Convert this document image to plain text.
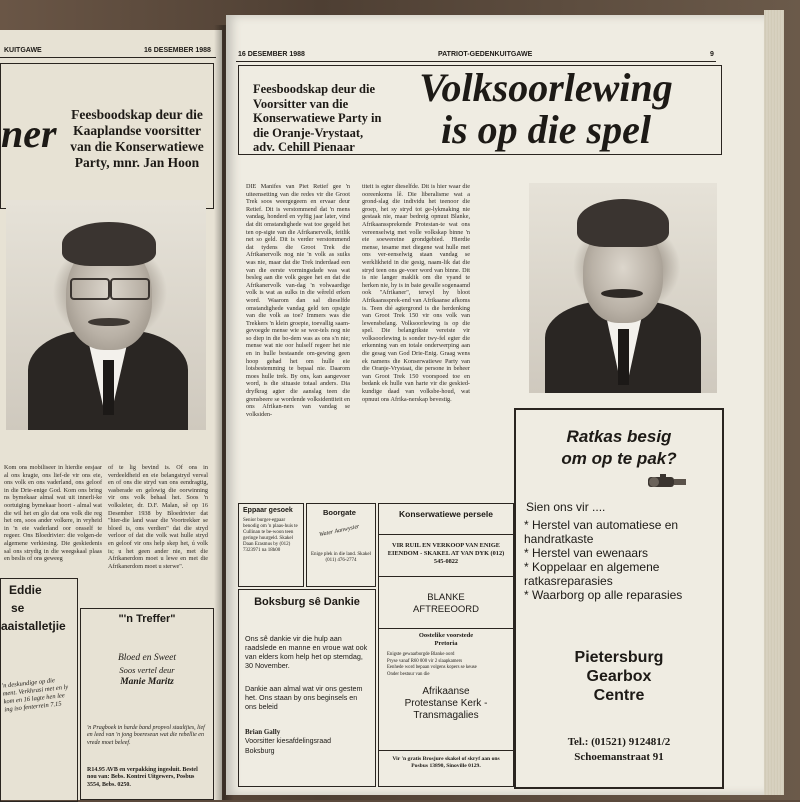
KUITGAWE	16 DESEMBER 1988
ner	Feesboodskap deur die Kaaplandse voorsitter van die Konserwatiewe Party, mnr. Jan Hoon
Kom ons mobiliseer in hierdie eesjaar al ons kragte, ons lief-de vir ons eie, ons volk en ons vaderland, ons geloof in die Drie-enige God. Kom ons bring ns bymekaar almal wat uit innerli-ke oortuiging bymekaar hoort - almal wat die wil het en glo dat ons volk die reg het om, soos ander volkere, in vryheid in 'n eie vaderland oor onsself te regeer. Ons Bloedrivier: die volgen-de algemene verkiesing. Die geskiedenis sal ons strydig in die weegskaal plaas en beslis of ons geweeg
of te lig bevind is. Of ons in verdeeldheid en eie belangstryd verval en of ons die stryd van ons eendragtig, vasberade en gelowig die oorwinning vir ons volk behaal het. Soos 'n volksleier, dr. D.F. Malan, sê op 16 Desember 1938 by Bloedrivier dat "hier-die land waar die Voortrekker se bloed is, ons verdien" dat die stryd verloor of dat die volk wat hulle stryd en geloof vir ons help skep het, ú volk is; u het geen ander nie, met die Afrikanerdom moet u lewe en met die Afrikanerdom moet u sterwe".
Eddie
se
aaistalletjie
'n deskundige op die ment. Verkhrasi met en ly kom en 16 lagte hen lee ing iso fenterrein 7.15
"'n Treffer"
Bloed en Sweet
Soos vertel deur
Manie Maritz
'n Pragboek in harde band propvol staaltjies, lief en leed van 'n jong boereseun wat die rebellie en vrede moet beleef.
R14.95 AVB en verpakking ingesluit. Bestel nou van: Bebs. Kontrei Uitgewers, Posbus 3554, Bebs. 0250.
16 DESEMBER 1988	PATRIOT-GEDENKUITGAWE	9
Feesboodskap deur die Voorsitter van die Konserwatiewe Party in die Oranje-Vrystaat, adv. Cehill Pienaar
Volksoorlewing
is op die spel
DIE Manifes van Piet Retief gee 'n uiteensetting van die redes vir die Groot Trek soos weergegeem en ervaar deur Retief. Dit is verstommend dat 'n mens vandag, honderd en vyftig jaar later, vind dat dit omstandighede wat toe gegeld het ten op-sigte van die Afrikanervolk, feitlik net so geld. Dit is verder verstommend dat tydens die Groot Trek die Afrikanervolk nog nie 'n volk as suiks was nie, maar dat die Trek inderdaad een van die eerste vormingsdade was wat besleg aan die volk gegee het en dat die Afrikanervolk van-dag 'n volwaardige volk is wat as sulks in die wêreld erken word. Waarom dan sal dieselfde omstandighede vandag geld ten opsigte van die volk as toe? Immers was die Trekkers 'n klein groepie, toevallig saam-gevoegde mense wie se wor-tels nog nie so diep in die bo-dem was as ons s'n nie; mense wat nie oor hulself regeer het nie en in hulle bestaande om-gewing geen hoop gehad het om hulle eie lotsbestemming te bepaal nie. Daarom moes hulle trek. By ons, kan aangevoer word, is die situasie totaal anders. Dia dryfkrag agter die aanslag teen die grensbeere se wordende volksidentiteit en ons Afrikan-ners van vandag se volksiden-
titeit is egter dieselfde. Dit is hier waar die ooreenkoms lê. Die liberalisme wat a grond-slag die individu het teenoor die groep, het sy stryd tot ge-lykmaking nie gestaak nie, maar bedreig opnuut Blanke, Afrikaanssprekende Protestan-te wat ons vereenselwig met volle volkskap binne 'n eie soewereine grondgebied. Hierdie mense, tesame met diegene wat hulle met ons ver-eenselwig staan vandag se werklikheid in die gesig, naam-lik dat die stryd teen ons ge-voer word van binne. Dit is nie langer maklik om die vyand te herken nie, hy is in baie gevalle sogenaamd ook "Afrikaner", terwyl hy bloot Afrikaanssprek-end van Afrikaanse afkoms is. Teen dié agtergrond is die herdenking van Groot Trek 150 vir ons volk van lewensbelang. Volksoorlewing is op die spel. Die belangrikste vereiste vir volksoorlewing is sonder twy-fel egter die erkenning van en totale onderwerping aan die gesag van God Drie-Enig. Graag wens ek namens die Konserwatiewe Party van die Oranje-Vrystaat, die persone in beheer van Groot Trek 150 voorspoed toe en bedank ek hulle van harte vir die geskied-kundige daad van volksbe-houd, wat opnuut ons Afrika-nerskap bevestig.
Eppaar gesoek
Senior burger-egpaar benodig om 'n plaas-huis te Cullinan te be-woon teen geringe huurgeld. Skakel Daan Erasmus by (012) 7323971 na 18h00
Boorgate
Water Aanwysier
Enige plek in die land. Skakel (011) 476-2774
Boksburg sê Dankie
Ons sê dankie vir die hulp aan raadslede en manne en vroue wat ook van elders kom help het op stemdag, 30 November.
Dankie aan almal wat vir ons gestem het. Ons staan by ons beginsels en ons beleid
Brian Gally
Voorsitter kiesafdelingsraad
Boksburg
Konserwatiewe persele
VIR RUIL EN VERKOOP VAN ENIGE EIENDOM - SKAKEL AT VAN DYK (012) 545-0822
BLANKE
AFTREEOORD
Oostelike voorstede
Pretoria
Enigste gewaarborgde Blanke oord
Pryse vanaf R60 000 vir 2 slaapkamers
Eenhede word bepaan volgens kopers se keuse
Onder bestuur van die
Afrikaanse
Protestanse Kerk -
Transmagalies
Vir 'n gratis Brosjure skakel of skryf aan ons Posbus 13890, Sinoville 0129.
Ratkas besig
om op te pak?
Sien ons vir ....
* Herstel van automatiese en handratkaste
* Herstel van ewenaars
* Koppelaar en algemene ratkasreparasies
* Waarborg op alle reparasies
Pietersburg
Gearbox
Centre
Tel.: (01521) 912481/2
Schoemanstraat 91
